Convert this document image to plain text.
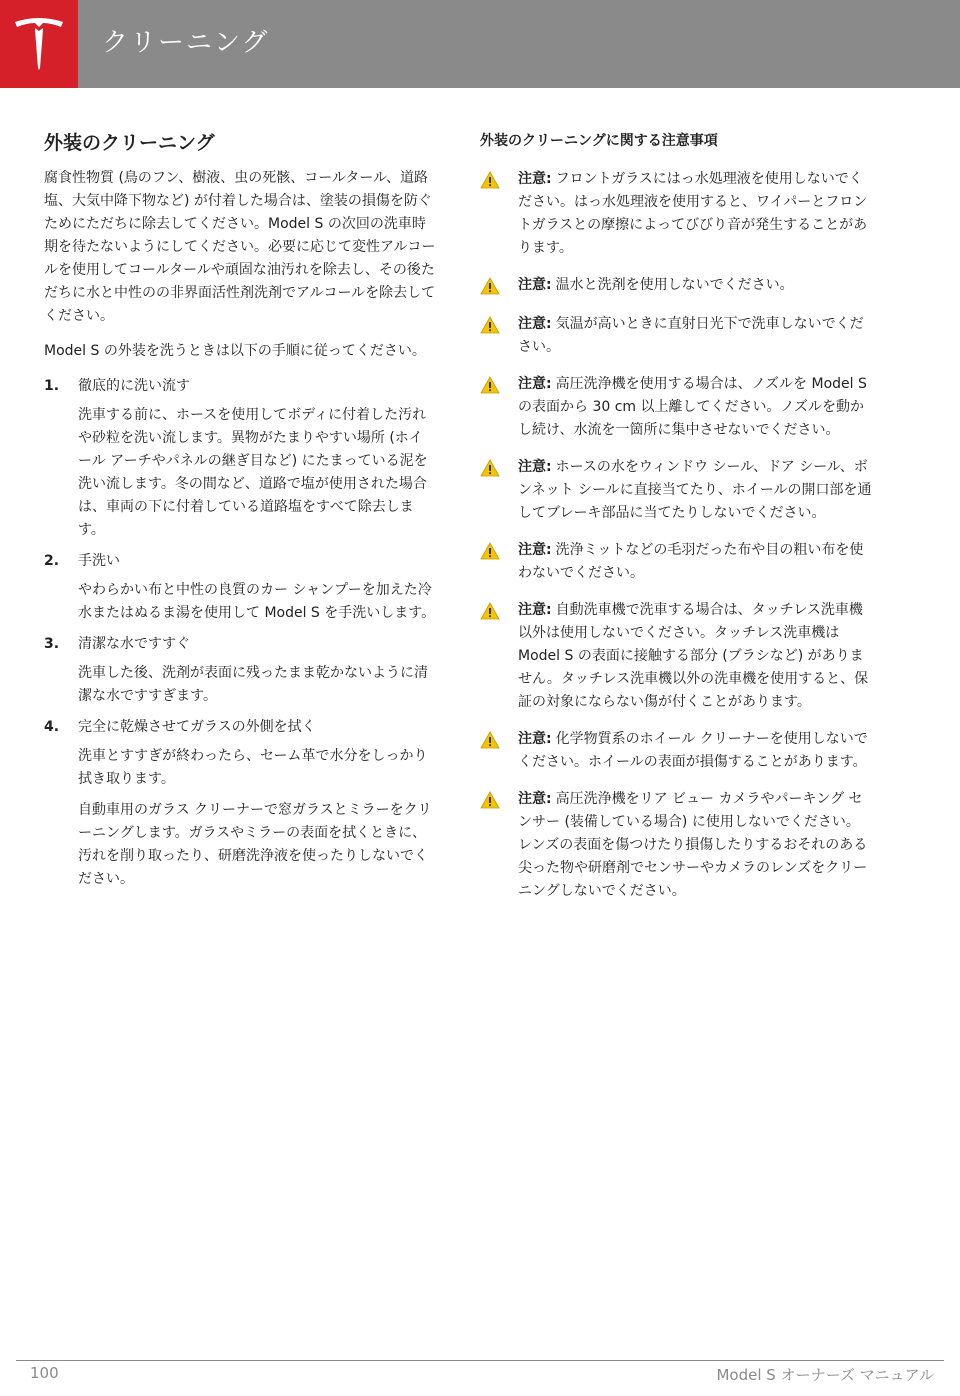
クリーニング
外装のクリーニング

腐食性物質 (鳥のフン、樹液、虫の死骸、コールタール、道路塩、大気中降下物など) が付着した場合は、塗装の損傷を防ぐためにただちに除去してください。Model S の次回の洗車時期を待たないようにしてください。必要に応じて変性アルコールを使用してコールタールや頑固な油汚れを除去し、その後ただちに水と中性のの非界面活性剤洗剤でアルコールを除去してください。

Model S の外装を洗うときは以下の手順に従ってください。

1.	徹底的に洗い流す
洗車する前に、ホースを使用してボディに付着した汚れや砂粒を洗い流します。異物がたまりやすい場所 (ホイール アーチやパネルの継ぎ目など) にたまっている泥を洗い流します。冬の間など、道路で塩が使用された場合は、車両の下に付着している道路塩をすべて除去します。
2.	手洗い
やわらかい布と中性の良質のカー シャンプーを加えた冷水またはぬるま湯を使用して Model S を手洗いします。
3.	清潔な水ですすぐ
洗車した後、洗剤が表面に残ったまま乾かないように清潔な水ですすぎます。
4.	完全に乾燥させてガラスの外側を拭く
洗車とすすぎが終わったら、セーム革で水分をしっかり拭き取ります。
自動車用のガラス クリーナーで窓ガラスとミラーをクリーニングします。ガラスやミラーの表面を拭くときに、汚れを削り取ったり、研磨洗浄液を使ったりしないでください。
外装のクリーニングに関する注意事項
注意: フロントガラスにはっ水処理液を使用しないでください。はっ水処理液を使用すると、ワイパーとフロントガラスとの摩擦によってびびり音が発生することがあります。
注意: 温水と洗剤を使用しないでください。
注意: 気温が高いときに直射日光下で洗車しないでください。
注意: 高圧洗浄機を使用する場合は、ノズルを Model S の表面から 30 cm 以上離してください。ノズルを動かし続け、水流を一箇所に集中させないでください。
注意: ホースの水をウィンドウ シール、ドア シール、ボンネット シールに直接当てたり、ホイールの開口部を通してブレーキ部品に当てたりしないでください。
注意: 洗浄ミットなどの毛羽だった布や目の粗い布を使わないでください。
注意: 自動洗車機で洗車する場合は、タッチレス洗車機以外は使用しないでください。タッチレス洗車機は Model S の表面に接触する部分 (ブラシなど) がありません。タッチレス洗車機以外の洗車機を使用すると、保証の対象にならない傷が付くことがあります。
注意: 化学物質系のホイール クリーナーを使用しないでください。ホイールの表面が損傷することがあります。
注意: 高圧洗浄機をリア ビュー カメラやパーキング センサー (装備している場合) に使用しないでください。レンズの表面を傷つけたり損傷したりするおそれのある尖った物や研磨剤でセンサーやカメラのレンズをクリーニングしないでください。
100	Model S オーナーズ マニュアル
